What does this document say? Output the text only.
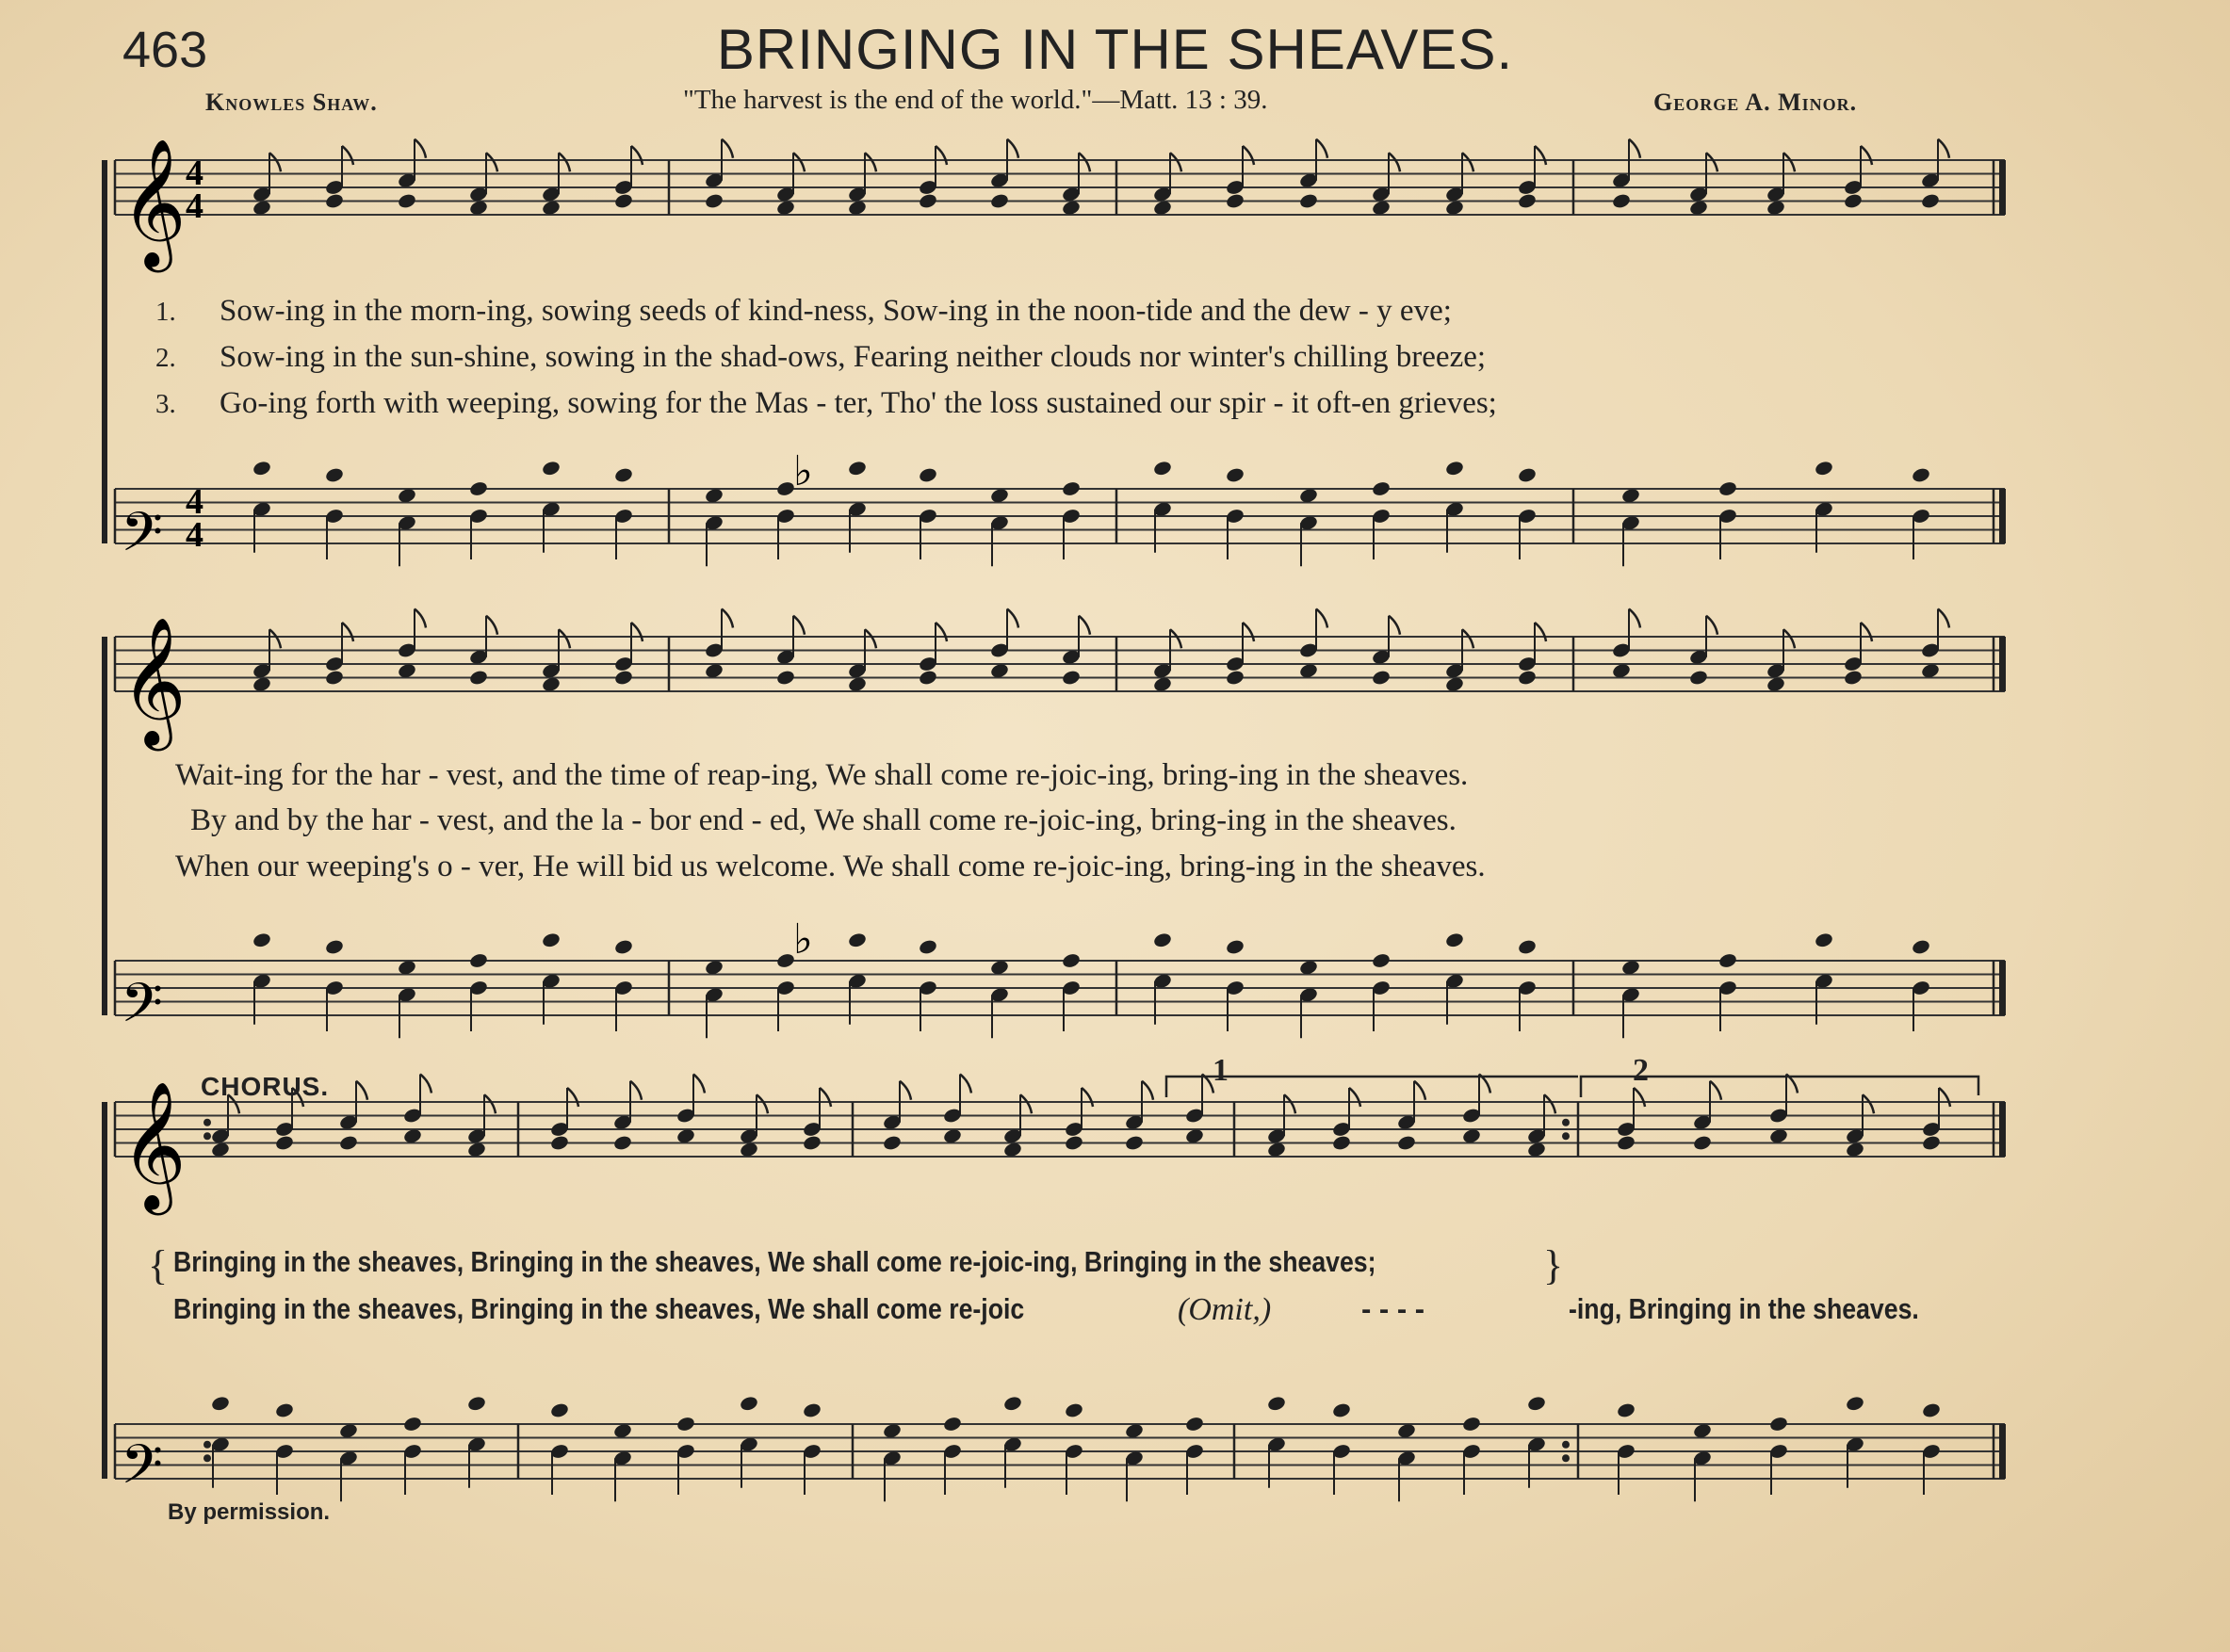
463	BRINGING IN THE SHEAVES.
Knowles Shaw.	"The harvest is the end of the world."—Matt. 13 : 39.	George A. Minor.
𝄞
𝄢
𝄞
𝄢
𝄞
𝄢
4
4
4
4
♭
♭
1	2
1.
2.
3.
Sow-ing in the morn-ing, sowing seeds of kind-ness, Sow-ing in the noon-tide and the dew - y eve;
Sow-ing in the sun-shine, sowing in the shad-ows, Fearing neither clouds nor winter's chilling breeze;
Go-ing forth with weeping, sowing for the Mas - ter, Tho' the loss sustained our spir - it oft-en grieves;
Wait-ing for the har - vest, and the time of reap-ing, We shall come re-joic-ing, bring-ing in the sheaves.
By and by the har - vest, and the la - bor end - ed, We shall come re-joic-ing, bring-ing in the sheaves.
When our weeping's o - ver, He will bid us welcome. We shall come re-joic-ing, bring-ing in the sheaves.
CHORUS.
{ Bringing in the sheaves, Bringing in the sheaves, We shall come re-joic-ing, Bringing in the sheaves;	}
Bringing in the sheaves, Bringing in the sheaves, We shall come re-joic	(Omit,)	- - - -	-ing, Bringing in the sheaves.
By permission.
